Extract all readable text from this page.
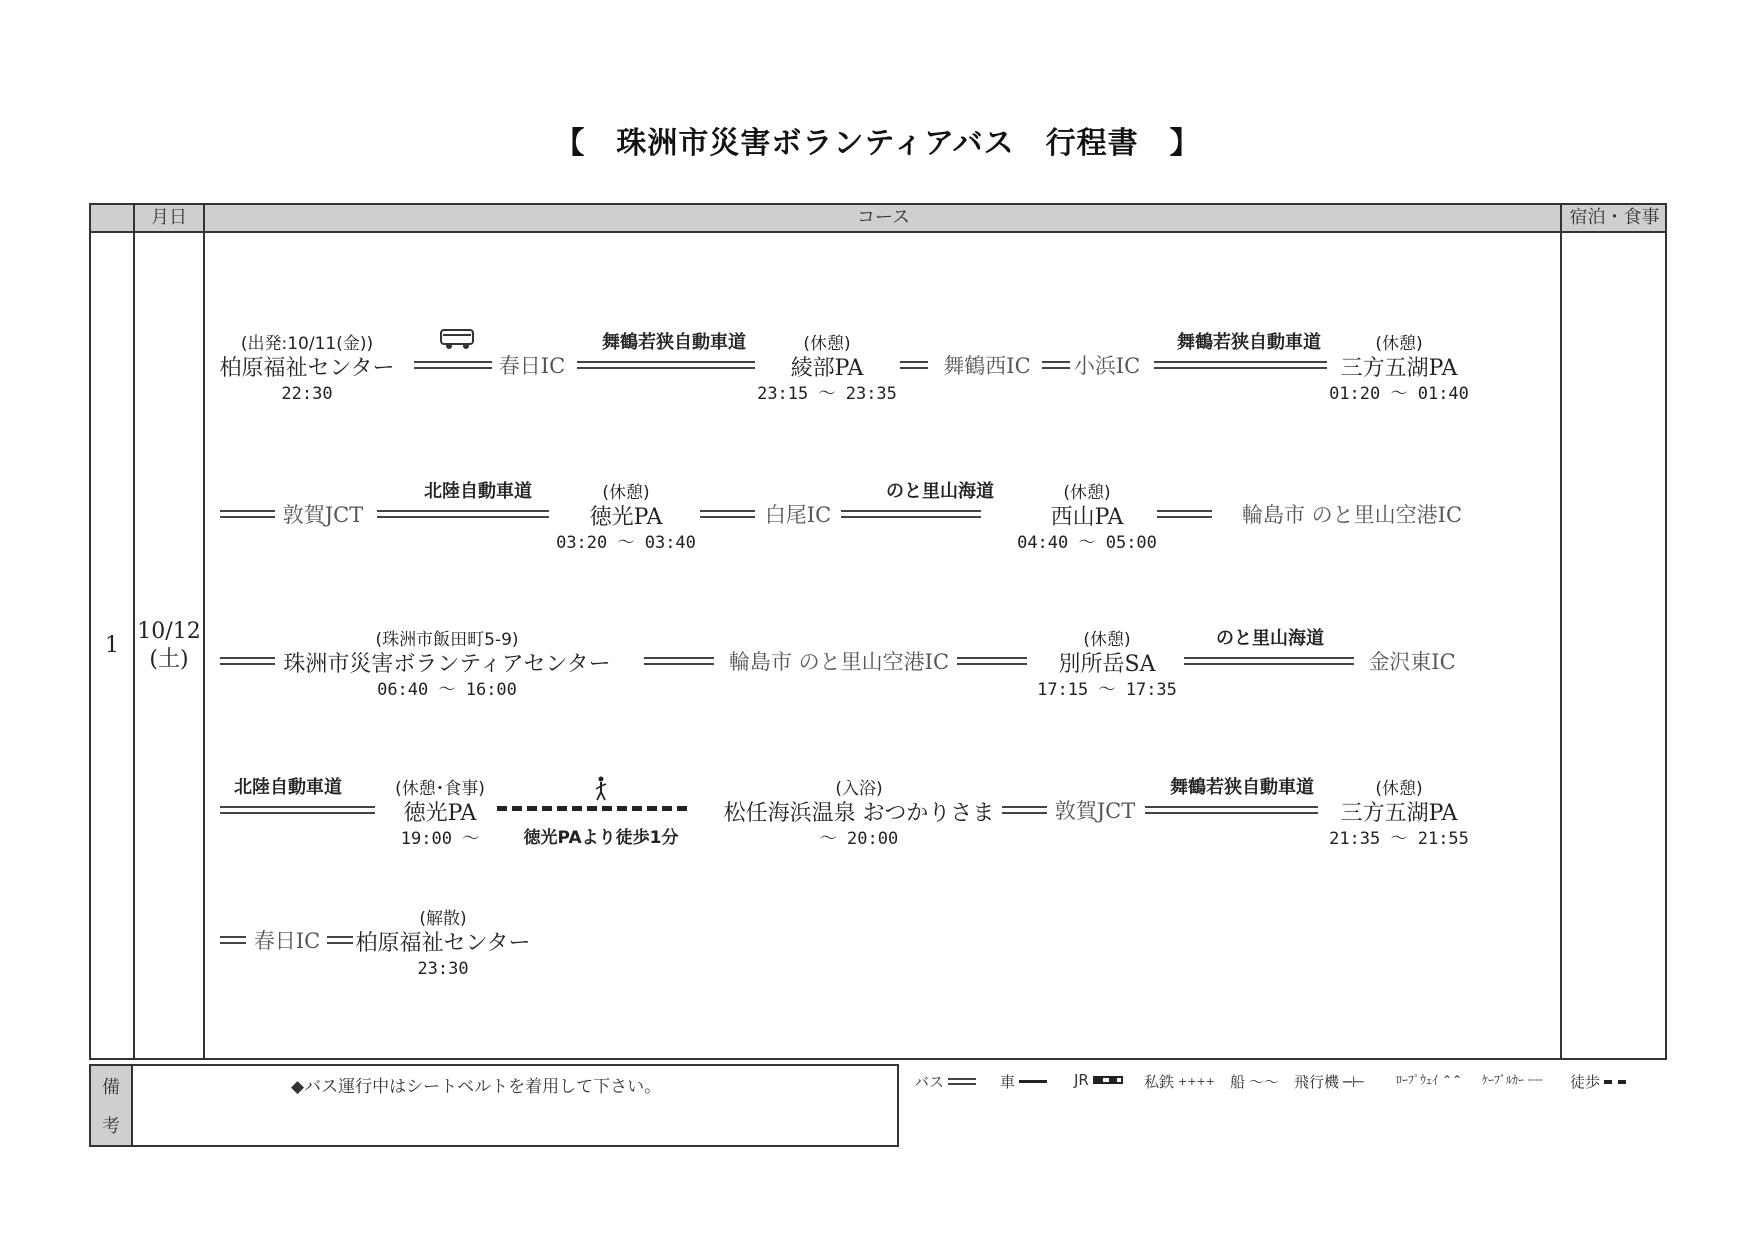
【　珠洲市災害ボランティアバス　行程書　】
月日	コース	宿泊・食事
1
10/12
(土)
(出発:10/11(金))
柏原福祉センター
22:30
春日IC
舞鶴若狭自動車道	(休憩)
綾部PA
23:15 ～ 23:35
舞鶴西IC 小浜IC
舞鶴若狭自動車道	(休憩)
三方五湖PA
01:20 ～ 01:40
敦賀JCT
北陸自動車道	(休憩)
徳光PA
03:20 ～ 03:40
白尾IC
のと里山海道	(休憩)
西山PA
04:40 ～ 05:00
輪島市 のと里山空港IC
(珠洲市飯田町5-9)
珠洲市災害ボランティアセンター
06:40 ～ 16:00
輪島市 のと里山空港IC
(休憩)
別所岳SA
17:15 ～ 17:35
のと里山海道
金沢東IC
北陸自動車道	(休憩･食事)
徳光PA
19:00 ～	徳光PAより徒歩1分
(入浴)
松任海浜温泉 おつかりさま
～ 20:00
敦賀JCT
舞鶴若狭自動車道	(休憩)
三方五湖PA
21:35 ～ 21:55
春日IC
(解散)
柏原福祉センター
23:30
備
考
◆バス運行中はシートベルトを着用して下さい。	バス	車	JR	私鉄 ++++ 船 〜〜 飛行機 ─⊢	ﾛｰﾌﾟｳｪｲ ⌃⌃ ｹｰﾌﾞﾙｶｰ ┄┄ 徒歩
